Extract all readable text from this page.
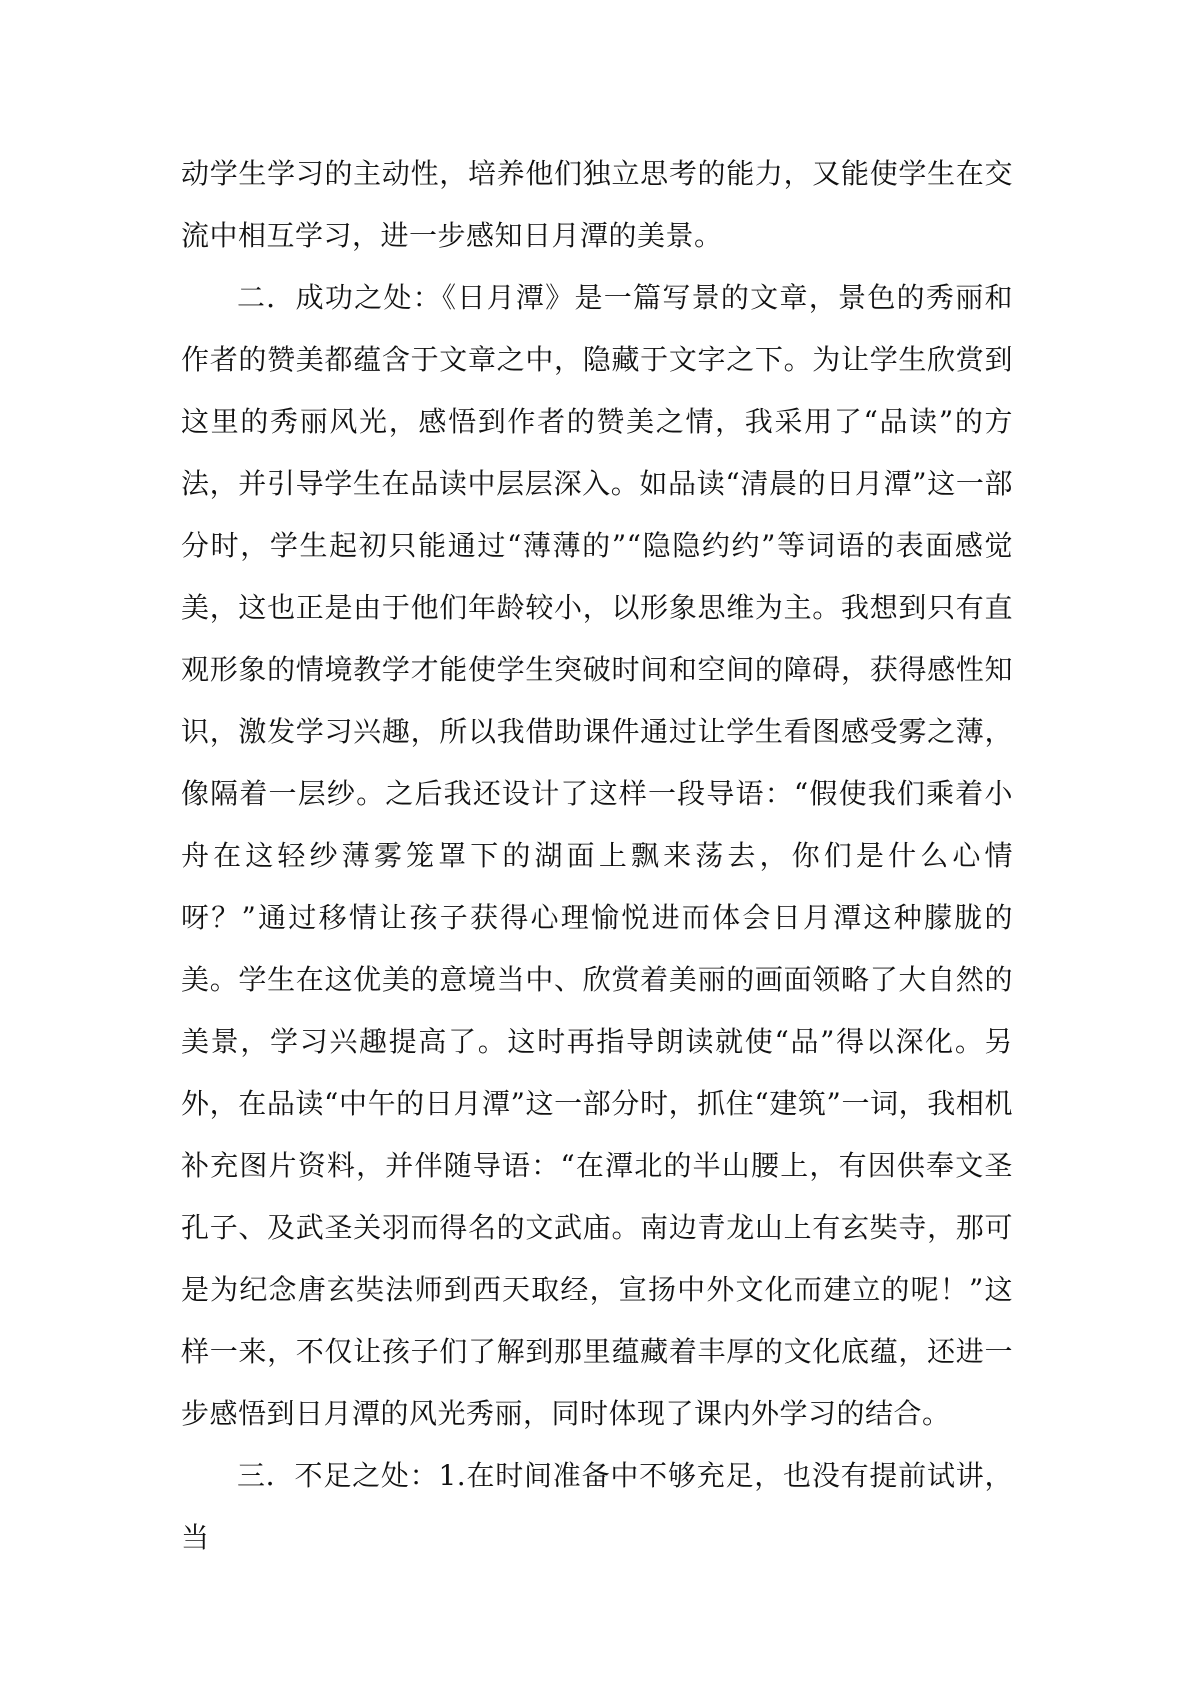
动学生学习的主动性，培养他们独立思考的能力，又能使学生在交流中相互学习，进一步感知日月潭的美景。

二．成功之处：《日月潭》是一篇写景的文章，景色的秀丽和作者的赞美都蕴含于文章之中，隐藏于文字之下。为让学生欣赏到这里的秀丽风光，感悟到作者的赞美之情，我采用了“品读”的方法，并引导学生在品读中层层深入。如品读“清晨的日月潭”这一部分时，学生起初只能通过“薄薄的”“隐隐约约”等词语的表面感觉美，这也正是由于他们年龄较小，以形象思维为主。我想到只有直观形象的情境教学才能使学生突破时间和空间的障碍，获得感性知识，激发学习兴趣，所以我借助课件通过让学生看图感受雾之薄，像隔着一层纱。之后我还设计了这样一段导语：“假使我们乘着小舟在这轻纱薄雾笼罩下的湖面上飘来荡去，你们是什么心情呀？”通过移情让孩子获得心理愉悦进而体会日月潭这种朦胧的美。学生在这优美的意境当中、欣赏着美丽的画面领略了大自然的美景，学习兴趣提高了。这时再指导朗读就使“品”得以深化。另外，在品读“中午的日月潭”这一部分时，抓住“建筑”一词，我相机补充图片资料，并伴随导语：“在潭北的半山腰上，有因供奉文圣孔子、及武圣关羽而得名的文武庙。南边青龙山上有玄奘寺，那可是为纪念唐玄奘法师到西天取经，宣扬中外文化而建立的呢！”这样一来，不仅让孩子们了解到那里蕴藏着丰厚的文化底蕴，还进一步感悟到日月潭的风光秀丽，同时体现了课内外学习的结合。

三．不足之处：1.在时间准备中不够充足，也没有提前试讲，当
